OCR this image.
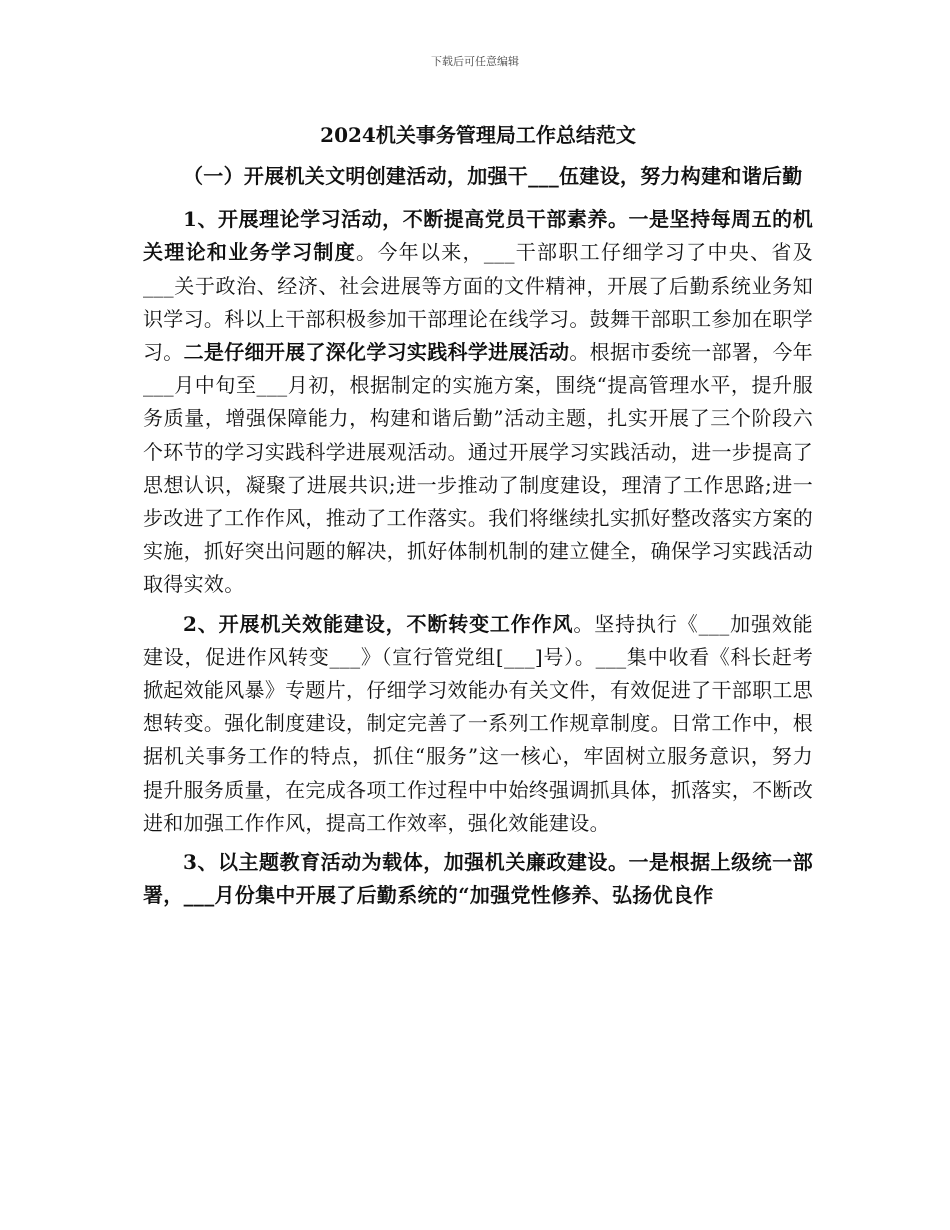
下载后可任意编辑
2024机关事务管理局工作总结范文
（一）开展机关文明创建活动，加强干___伍建设，努力构建和谐后勤
1、开展理论学习活动，不断提高党员干部素养。一是坚持每周五的机关理论和业务学习制度。今年以来，___干部职工仔细学习了中央、省及___关于政治、经济、社会进展等方面的文件精神，开展了后勤系统业务知识学习。科以上干部积极参加干部理论在线学习。鼓舞干部职工参加在职学习。二是仔细开展了深化学习实践科学进展活动。根据市委统一部署，今年___月中旬至___月初，根据制定的实施方案，围绕“提高管理水平，提升服务质量，增强保障能力，构建和谐后勤”活动主题，扎实开展了三个阶段六个环节的学习实践科学进展观活动。通过开展学习实践活动，进一步提高了思想认识，凝聚了进展共识;进一步推动了制度建设，理清了工作思路;进一步改进了工作作风，推动了工作落实。我们将继续扎实抓好整改落实方案的实施，抓好突出问题的解决，抓好体制机制的建立健全，确保学习实践活动取得实效。
2、开展机关效能建设，不断转变工作作风。坚持执行《___加强效能建设，促进作风转变___》（宣行管党组[___]号）。___集中收看《科长赶考掀起效能风暴》专题片，仔细学习效能办有关文件，有效促进了干部职工思想转变。强化制度建设，制定完善了一系列工作规章制度。日常工作中，根据机关事务工作的特点，抓住“服务”这一核心，牢固树立服务意识，努力提升服务质量，在完成各项工作过程中中始终强调抓具体，抓落实，不断改进和加强工作作风，提高工作效率，强化效能建设。
3、以主题教育活动为载体，加强机关廉政建设。一是根据上级统一部署，___月份集中开展了后勤系统的“加强党性修养、弘扬优良作
